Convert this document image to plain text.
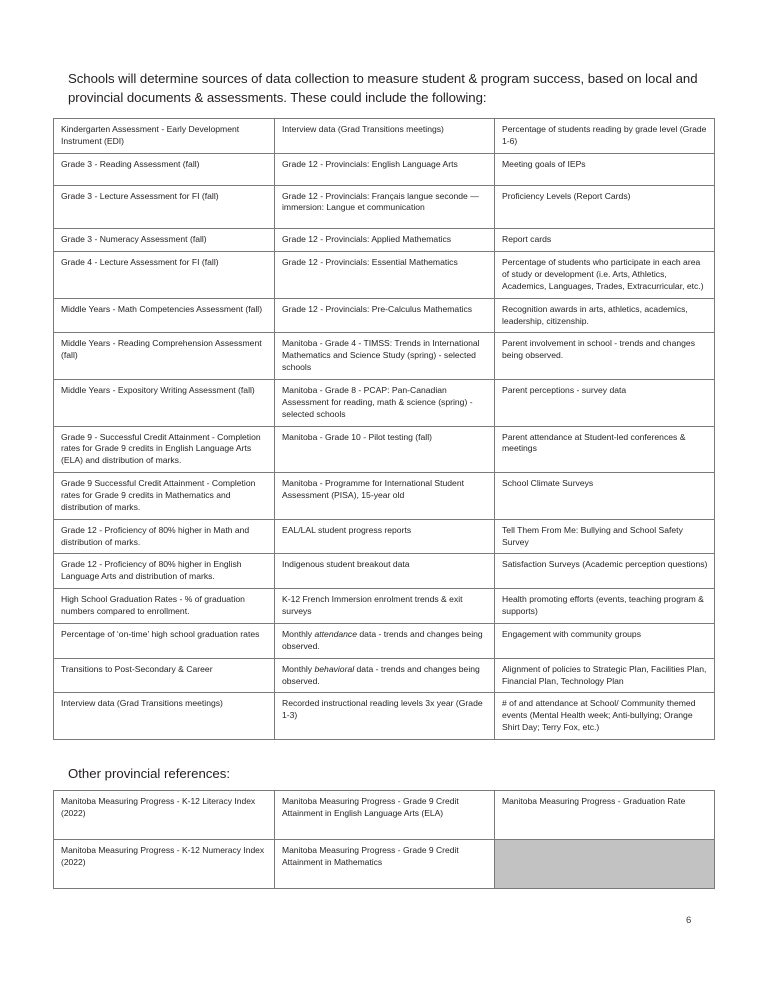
Schools will determine sources of data collection to measure student & program success, based on local and provincial documents & assessments. These could include the following:

Kindergarten Assessment - Early Development Instrument (EDI)	Interview data (Grad Transitions meetings)	Percentage of students reading by grade level (Grade 1-6)
Grade 3 - Reading Assessment (fall)	Grade 12 - Provincials: English Language Arts	Meeting goals of IEPs
Grade 3 - Lecture Assessment for FI (fall)	Grade 12 - Provincials: Français langue seconde — immersion: Langue et communication	Proficiency Levels (Report Cards)
Grade 3 - Numeracy Assessment (fall)	Grade 12 - Provincials: Applied Mathematics	Report cards
Grade 4 - Lecture Assessment for FI (fall)	Grade 12 - Provincials: Essential Mathematics	Percentage of students who participate in each area of study or development (i.e. Arts, Athletics, Academics, Languages, Trades, Extracurricular, etc.)
Middle Years - Math Competencies Assessment (fall)	Grade 12 - Provincials: Pre-Calculus Mathematics	Recognition awards in arts, athletics, academics, leadership, citizenship.
Middle Years - Reading Comprehension Assessment (fall)	Manitoba - Grade 4 - TIMSS: Trends in International Mathematics and Science Study (spring) - selected schools	Parent involvement in school - trends and changes being observed.
Middle Years - Expository Writing Assessment (fall)	Manitoba - Grade 8 - PCAP: Pan-Canadian Assessment for reading, math & science (spring) - selected schools	Parent perceptions - survey data
Grade 9 - Successful Credit Attainment - Completion rates for Grade 9 credits in English Language Arts (ELA) and distribution of marks.	Manitoba - Grade 10 - Pilot testing (fall)	Parent attendance at Student-led conferences & meetings
Grade 9 Successful Credit Attainment - Completion rates for Grade 9 credits in Mathematics and distribution of marks.	Manitoba - Programme for International Student Assessment (PISA), 15-year old	School Climate Surveys
Grade 12 - Proficiency of 80% higher in Math and distribution of marks.	EAL/LAL student progress reports	Tell Them From Me: Bullying and School Safety Survey
Grade 12 - Proficiency of 80% higher in English Language Arts and distribution of marks.	Indigenous student breakout data	Satisfaction Surveys (Academic perception questions)
High School Graduation Rates - % of graduation numbers compared to enrollment.	K-12 French Immersion enrolment trends & exit surveys	Health promoting efforts (events, teaching program & supports)
Percentage of ‘on-time’ high school graduation rates	Monthly attendance data - trends and changes being observed.	Engagement with community groups
Transitions to Post-Secondary & Career	Monthly behavioral data - trends and changes being observed.	Alignment of policies to Strategic Plan, Facilities Plan, Financial Plan, Technology Plan
Interview data (Grad Transitions meetings)	Recorded instructional reading levels 3x year (Grade 1-3)	# of and attendance at School/ Community themed events (Mental Health week; Anti-bullying; Orange Shirt Day; Terry Fox, etc.)
Other provincial references:
Manitoba Measuring Progress - K-12 Literacy Index (2022)	Manitoba Measuring Progress - Grade 9 Credit Attainment in English Language Arts (ELA)	Manitoba Measuring Progress - Graduation Rate
Manitoba Measuring Progress - K-12 Numeracy Index (2022)	Manitoba Measuring Progress - Grade 9 Credit Attainment in Mathematics	
6
